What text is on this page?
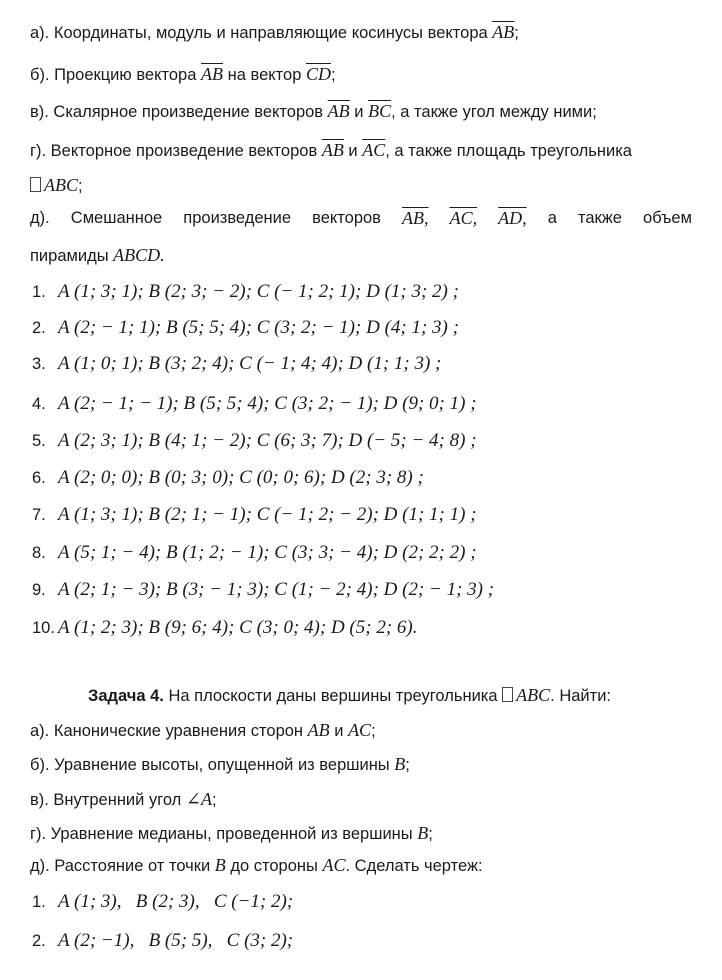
а). Координаты, модуль и направляющие косинусы вектора $\overline{AB}$;
б). Проекцию вектора $\overline{AB}$ на вектор $\overline{CD}$;
в). Скалярное произведение векторов $\overline{AB}$ и $\overline{BC}$, а также угол между ними;
г). Векторное произведение векторов $\overline{AB}$ и $\overline{AC}$, а также площадь треугольника
ABC;
д). Смешанное произведение векторов AB, AC, AD, а также объем
пирамиды ABCD.
1. A (1; 3; 1); B (2; 3; − 2); C (− 1; 2; 1); D (1; 3; 2) ;
2. A (2; − 1; 1); B (5; 5; 4); C (3; 2; − 1); D (4; 1; 3) ;
3. A (1; 0; 1); B (3; 2; 4); C (− 1; 4; 4); D (1; 1; 3) ;
4. A (2; − 1; − 1); B (5; 5; 4); C (3; 2; − 1); D (9; 0; 1) ;
5. A (2; 3; 1); B (4; 1; − 2); C (6; 3; 7); D (− 5; − 4; 8) ;
6. A (2; 0; 0); B (0; 3; 0); C (0; 0; 6); D (2; 3; 8) ;
7. A (1; 3; 1); B (2; 1; − 1); C (− 1; 2; − 2); D (1; 1; 1) ;
8. A (5; 1; − 4); B (1; 2; − 1); C (3; 3; − 4); D (2; 2; 2) ;
9. A (2; 1; − 3); B (3; − 1; 3); C (1; − 2; 4); D (2; − 1; 3) ;
10. A (1; 2; 3); B (9; 6; 4); C (3; 0; 4); D (5; 2; 6).
Задача 4. На плоскости даны вершины треугольника ABC. Найти:
а). Канонические уравнения сторон AB и AC;
б). Уравнение высоты, опущенной из вершины B;
в). Внутренний угол ∠A;
г). Уравнение медианы, проведенной из вершины B;
д). Расстояние от точки B до стороны AC. Сделать чертеж:
1. A (1; 3),   B (2; 3),   C (−1; 2);
2. A (2; −1),   B (5; 5),   C (3; 2);
